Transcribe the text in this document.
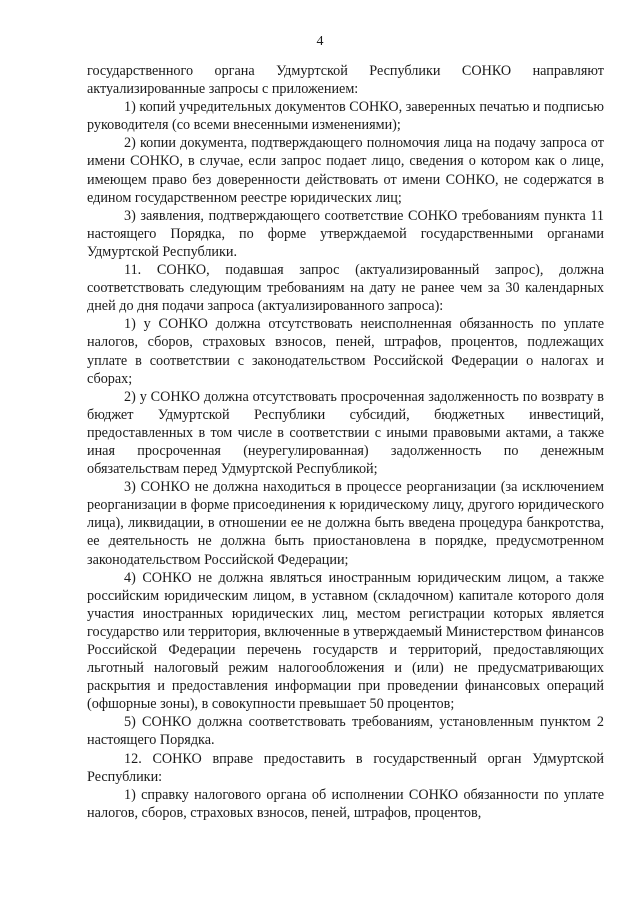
4

государственного органа Удмуртской Республики СОНКО направляют актуализированные запросы с приложением:

1) копий учредительных документов СОНКО, заверенных печатью и подписью руководителя (со всеми внесенными изменениями);

2) копии документа, подтверждающего полномочия лица на подачу запроса от имени СОНКО, в случае, если запрос подает лицо, сведения о котором как о лице, имеющем право без доверенности действовать от имени СОНКО, не содержатся в едином государственном реестре юридических лиц;

3) заявления, подтверждающего соответствие СОНКО требованиям пункта 11 настоящего Порядка, по форме утверждаемой государственными органами Удмуртской Республики.

11. СОНКО, подавшая запрос (актуализированный запрос), должна соответствовать следующим требованиям на дату не ранее чем за 30 календарных дней до дня подачи запроса (актуализированного запроса):

1) у СОНКО должна отсутствовать неисполненная обязанность по уплате налогов, сборов, страховых взносов, пеней, штрафов, процентов, подлежащих уплате в соответствии с законодательством Российской Федерации о налогах и сборах;

2) у СОНКО должна отсутствовать просроченная задолженность по возврату в бюджет Удмуртской Республики субсидий, бюджетных инвестиций, предоставленных в том числе в соответствии с иными правовыми актами, а также иная просроченная (неурегулированная) задолженность по денежным обязательствам перед Удмуртской Республикой;

3) СОНКО не должна находиться в процессе реорганизации (за исключением реорганизации в форме присоединения к юридическому лицу, другого юридического лица), ликвидации, в отношении ее не должна быть введена процедура банкротства, ее деятельность не должна быть приостановлена в порядке, предусмотренном законодательством Российской Федерации;

4) СОНКО не должна являться иностранным юридическим лицом, а также российским юридическим лицом, в уставном (складочном) капитале которого доля участия иностранных юридических лиц, местом регистрации которых является государство или территория, включенные в утверждаемый Министерством финансов Российской Федерации перечень государств и территорий, предоставляющих льготный налоговый режим налогообложения и (или) не предусматривающих раскрытия и предоставления информации при проведении финансовых операций (офшорные зоны), в совокупности превышает 50 процентов;

5) СОНКО должна соответствовать требованиям, установленным пунктом 2 настоящего Порядка.

12. СОНКО вправе предоставить в государственный орган Удмуртской Республики:

1) справку налогового органа об исполнении СОНКО обязанности по уплате налогов, сборов, страховых взносов, пеней, штрафов, процентов,
